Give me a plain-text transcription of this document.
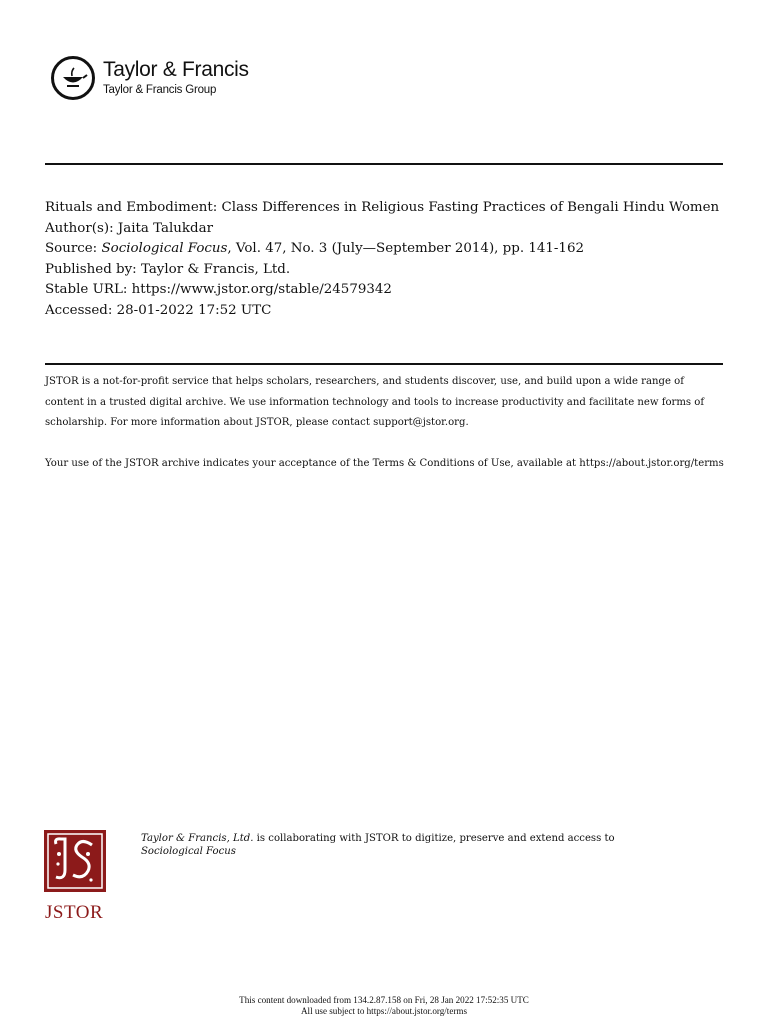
Taylor & Francis
Taylor & Francis Group
Rituals and Embodiment: Class Differences in Religious Fasting Practices of Bengali Hindu Women
Author(s): Jaita Talukdar
Source: Sociological Focus, Vol. 47, No. 3 (July—September 2014), pp. 141-162
Published by: Taylor & Francis, Ltd.
Stable URL: https://www.jstor.org/stable/24579342
Accessed: 28-01-2022 17:52 UTC

JSTOR is a not-for-profit service that helps scholars, researchers, and students discover, use, and build upon a wide range of content in a trusted digital archive. We use information technology and tools to increase productivity and facilitate new forms of scholarship. For more information about JSTOR, please contact support@jstor.org.

Your use of the JSTOR archive indicates your acceptance of the Terms & Conditions of Use, available at https://about.jstor.org/terms

JSTOR
Taylor & Francis, Ltd. is collaborating with JSTOR to digitize, preserve and extend access to
Sociological Focus
This content downloaded from 134.2.87.158 on Fri, 28 Jan 2022 17:52:35 UTC
All use subject to https://about.jstor.org/terms
